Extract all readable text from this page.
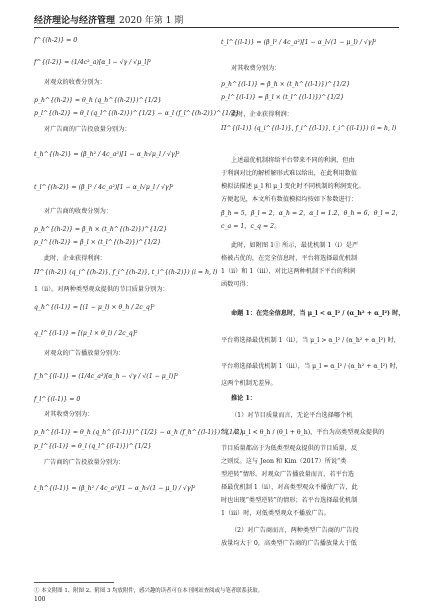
经济理论与经济管理 2020 年第 1 期
f^{(h-2)} = 0
f^{(l-2)} = (1/4c²_a)[α_l − √γ / √μ_l]²
对观众的收费分别为：
p_h^{(h-2)} = θ_h (q_h^{(h-2)})^{1/2}
p_l^{(h-2)} = θ_l (q_l^{(h-2)})^{1/2} − α_l (f_l^{(h-2)})^{1/2}
对广告商的广告投放量分别为：
t_h^{(h-2)} = (β_h² / 4c_a²)[1 − α_h√μ_l / √γ]²
t_l^{(h-2)} = (β_l² / 4c_a²)[1 − α_l√μ_l / √γ]²
对广告商的收费分别为：
p_h^{(h-2)} = β_h × (t_h^{(h-2)})^{1/2}
p_l^{(h-2)} = β_l × (t_l^{(h-2)})^{1/2}
此时，企业获得利润：
Π^{(h-2)} (q_i^{(h-2)}, f_i^{(h-2)}, t_i^{(h-2)}) (i = h, l)
1（ii）。对两种类型观众提供的节目质量分别为：
q_h^{(l-1)} = [(1 − μ_l) × θ_h / 2c_q]²
q_l^{(l-1)} = [(μ_l × θ_l) / 2c_q]²
对观众的广告播放量分别为：
f_h^{(l-1)} = (1/4c_a²)[α_h − √γ / √(1 − μ_l)]²
f_l^{(l-1)} = 0
对其收费分别为：
p_h^{(l-1)} = θ_h (q_h^{(l-1)})^{1/2} − α_h (f_h^{(l-1)})^{1/2}
p_l^{(l-1)} = θ_l (q_l^{(l-1)})^{1/2}
广告商的广告投放量分别为：
t_h^{(l-1)} = (β_h² / 4c_a²)[1 − α_h√(1 − μ_l) / √γ]²
t_l^{(l-1)} = (β_l² / 4c_a²)[1 − α_l√(1 − μ_l) / √γ]²
对其收费分别为：
p_h^{(l-1)} = β_h × (t_h^{(l-1)})^{1/2}
p_l^{(l-1)} = β_l × (t_l^{(l-1)})^{1/2}
此时，企业获得利润：
Π^{(l-1)} (q_i^{(l-1)}, f_i^{(l-1)}, t_i^{(l-1)}) (i = h, l)
上述最优机制将给平台带来不同的利润，但由
于利润对比的解析解形式难以给出，在此利用数值
模拟法描述 μ_l 和 μ_l 变化时不同机制的利润变化。
方便起见，本文所有数值模拟均按如下参数进行：
β_h = 5，β_l = 2，α_h = 2，α_l = 1.2，θ_h = 6，θ_l = 2，
c_a = 1，c_q = 2。
此时，如附图 1① 所示，最优机制 1（i）是严
格被占优的，在完全信息时，平台将选择最优机制
1（ii）和 1（iii），对比这两种机制下平台的利润
函数可得：
命题 1：在完全信息时，当 μ_l < α_l² / (α_h² + α_l²) 时，
平台将选择最优机制 1（ii），当 μ_l > α_l² / (α_h² + α_l²) 时，
平台将选择最优机制 1（iii），当 μ_l = α_l² / (α_h² + α_l²) 时，
这两个机制无差异。
推论 1：
（1）对节目质量而言，无论平台选择哪个机
制，若 μ_l < θ_h / (θ_l + θ_h)，平台为高类型观众提供的
节目质量都高于为低类型观众提供的节目质量，反
之则反。这与 Jeon 和 Kim（2017）所说“类
型逆转”情形。对观众广告播放量而言，若平台选
择最优机制 1（ii），对高类型观众不播放广告，此
时也出现“类型逆转”的情形；若平台选择最优机制
1（iii）时，对低类型观众不播放广告。
（2）对广告商而言，两种类型广告商的广告投
放量均大于 0，高类型广告商的广告播放量大于低
① 本文附图 1、附图 2、附图 3 均放附件，感兴趣的读者可在本刊网站查阅或与笔者联系获取。
100
